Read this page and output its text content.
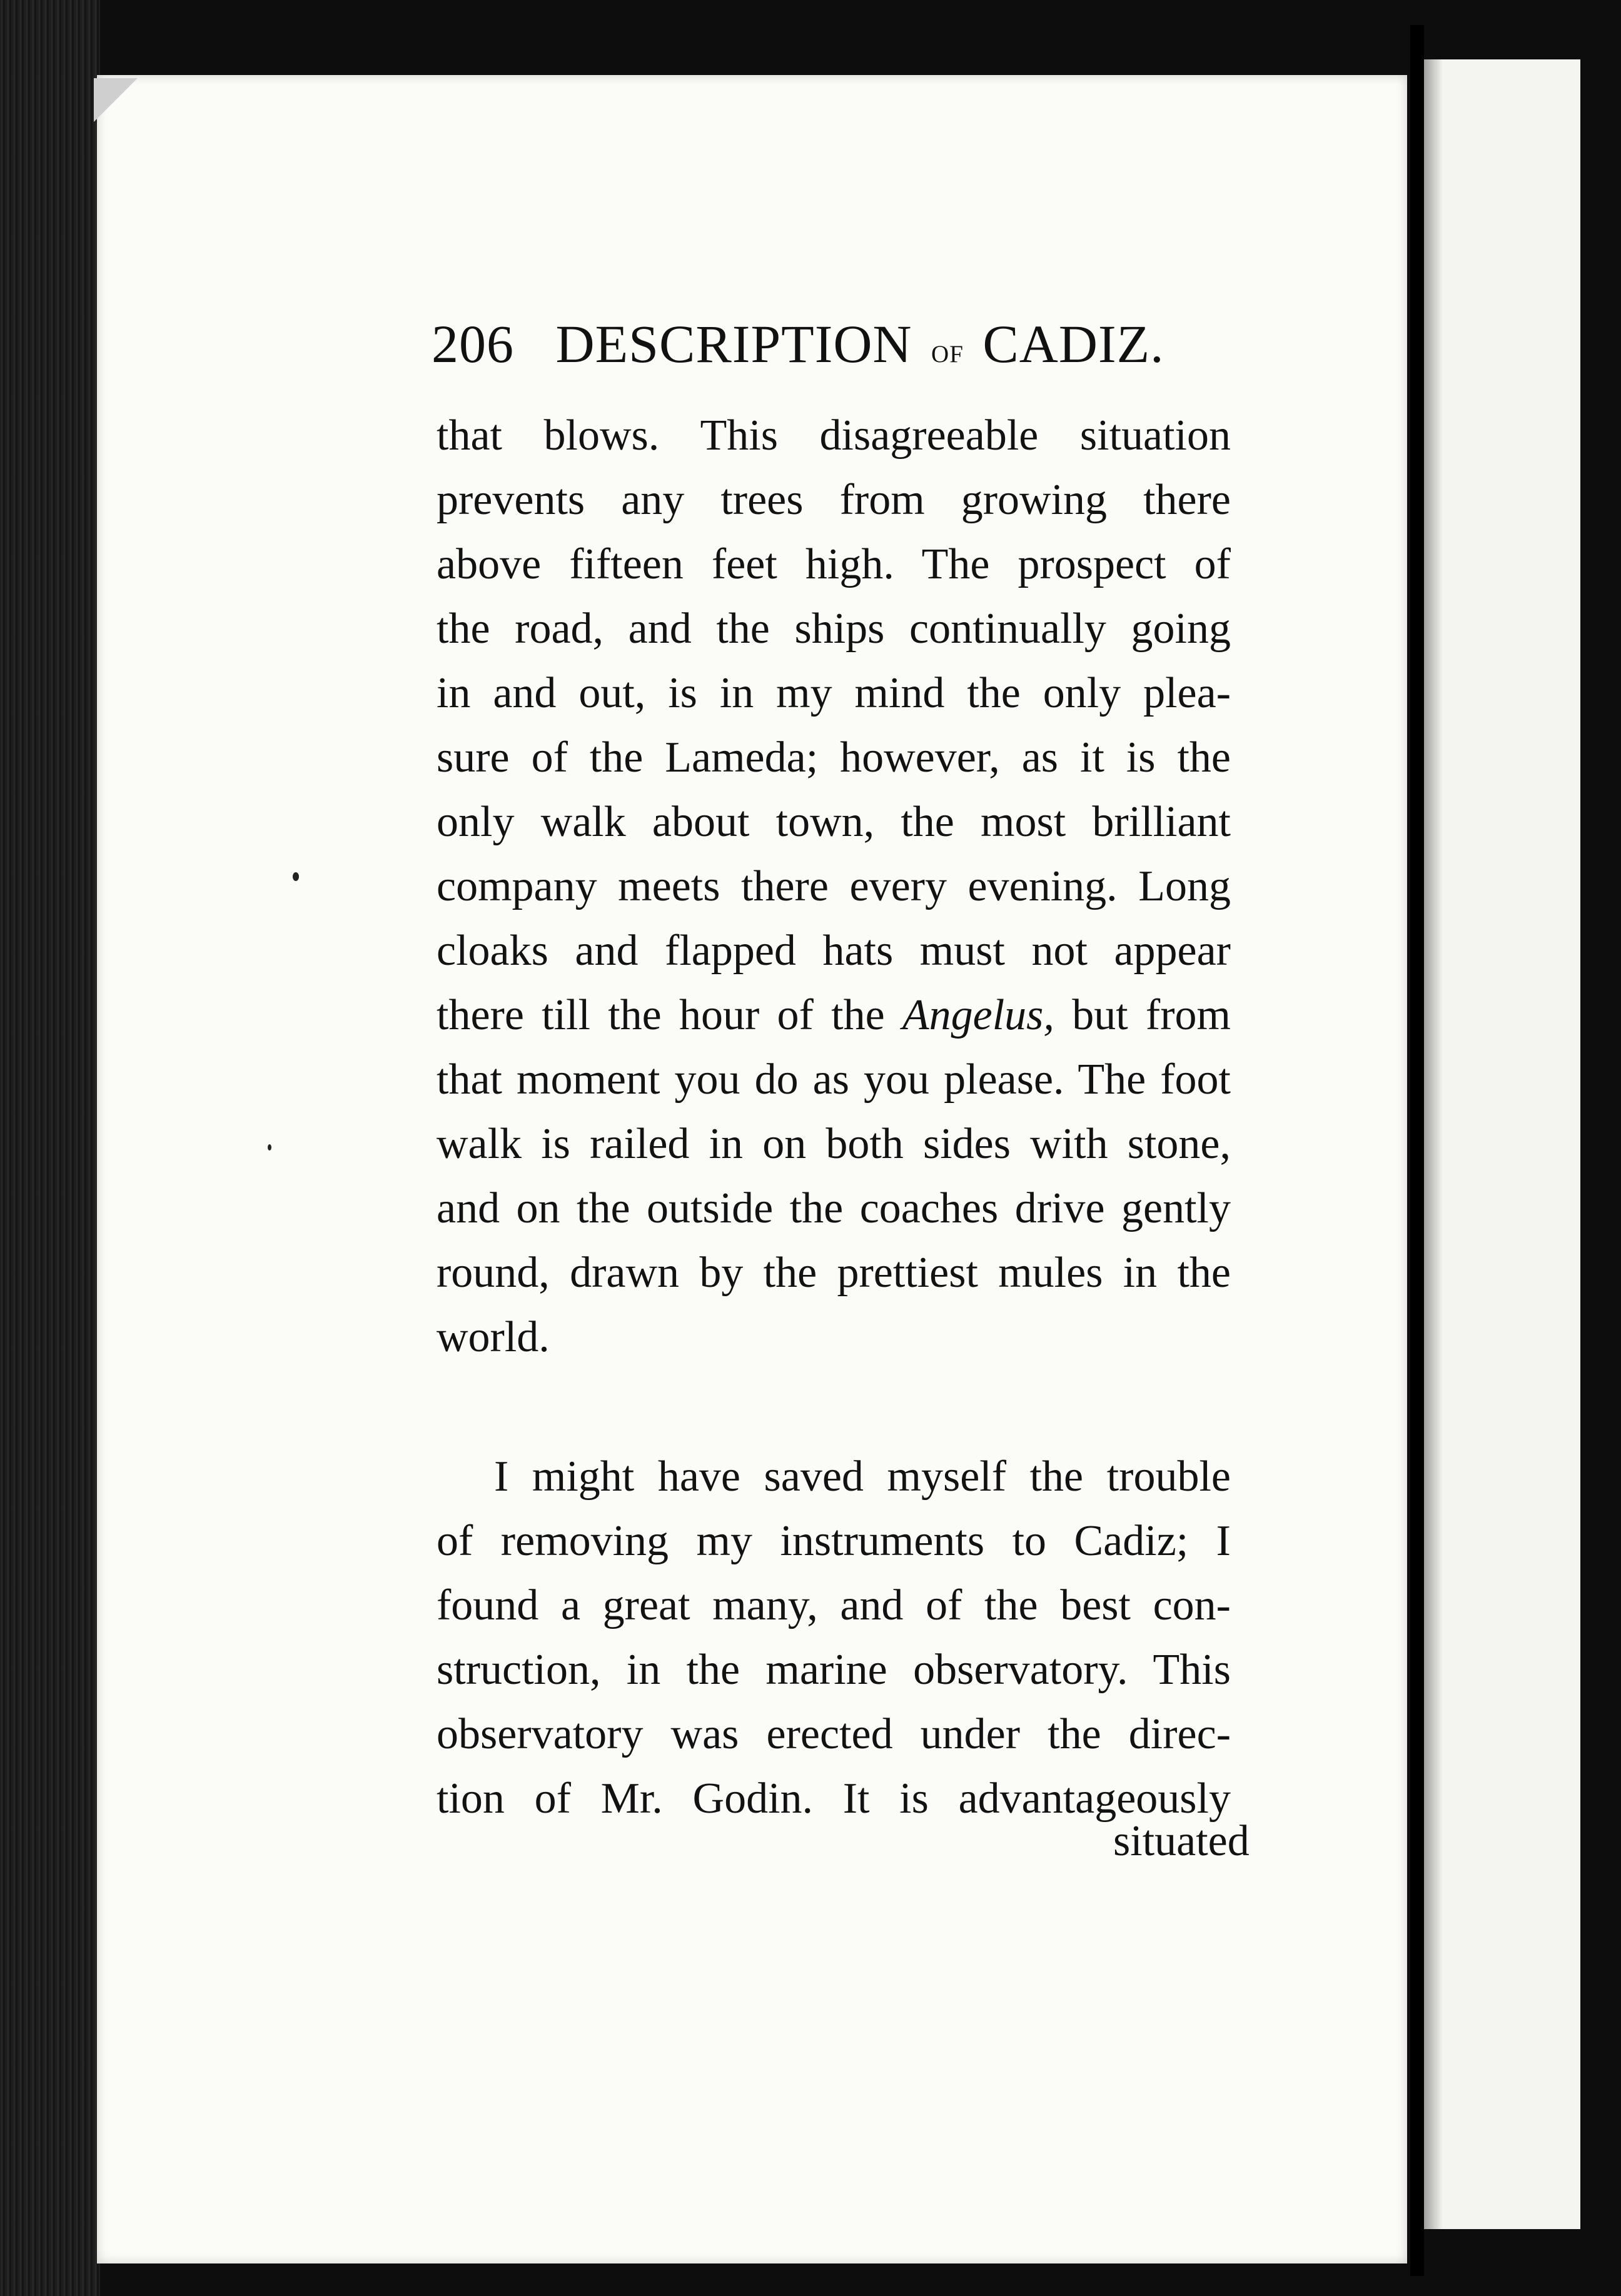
206 DESCRIPTION of CADIZ.
that blows. This disagreeable situation
prevents any trees from growing there
above fifteen feet high. The prospect of
the road, and the ships continually going
in and out, is in my mind the only plea-
sure of the Lameda; however, as it is the
only walk about town, the most brilliant
company meets there every evening. Long
cloaks and flapped hats must not appear
there till the hour of the Angelus, but from
that moment you do as you please. The foot
walk is railed in on both sides with stone,
and on the outside the coaches drive gently
round, drawn by the prettiest mules in the
world.
I might have saved myself the trouble
of removing my instruments to Cadiz; I
found a great many, and of the best con-
struction, in the marine observatory. This
observatory was erected under the direc-
tion of Mr. Godin. It is advantageously
situated
